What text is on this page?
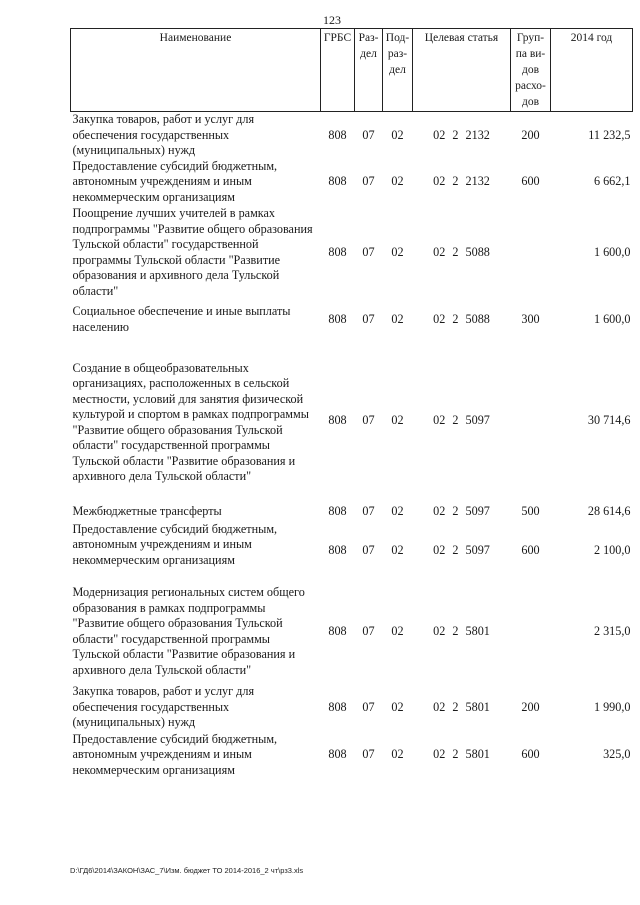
123
Наименование	ГРБС	Раз-дел	Под-раз-дел	Целевая статья	Груп-па ви-дов расхо-дов	2014 год
Закупка товаров, работ и услуг для обеспечения государственных (муниципальных) нужд	808	07	02	02 2 2132	200	11 232,5
Предоставление субсидий бюджетным, автономным учреждениям и иным некоммерческим организациям	808	07	02	02 2 2132	600	6 662,1
Поощрение лучших учителей в рамках подпрограммы "Развитие общего образования Тульской области" государственной программы Тульской области "Развитие образования и архивного дела Тульской области"	808	07	02	02 2 5088		1 600,0
Социальное обеспечение и иные выплаты населению	808	07	02	02 2 5088	300	1 600,0
Создание в общеобразовательных организациях, расположенных в сельской местности, условий для занятия физической культурой и спортом в рамках подпрограммы "Развитие общего образования Тульской области" государственной программы Тульской области "Развитие образования и архивного дела Тульской области"	808	07	02	02 2 5097		30 714,6
Межбюджетные трансферты	808	07	02	02 2 5097	500	28 614,6
Предоставление субсидий бюджетным, автономным учреждениям и иным некоммерческим организациям	808	07	02	02 2 5097	600	2 100,0
Модернизация региональных систем общего образования в рамках подпрограммы "Развитие общего образования Тульской области" государственной программы Тульской области "Развитие образования и архивного дела Тульской области"	808	07	02	02 2 5801		2 315,0
Закупка товаров, работ и услуг для обеспечения государственных (муниципальных) нужд	808	07	02	02 2 5801	200	1 990,0
Предоставление субсидий бюджетным, автономным учреждениям и иным некоммерческим организациям	808	07	02	02 2 5801	600	325,0
D:\ГД6\2014\ЗАКОН\ЗАС_7\Изм. бюджет ТО 2014-2016_2 чт\рз3.xls
